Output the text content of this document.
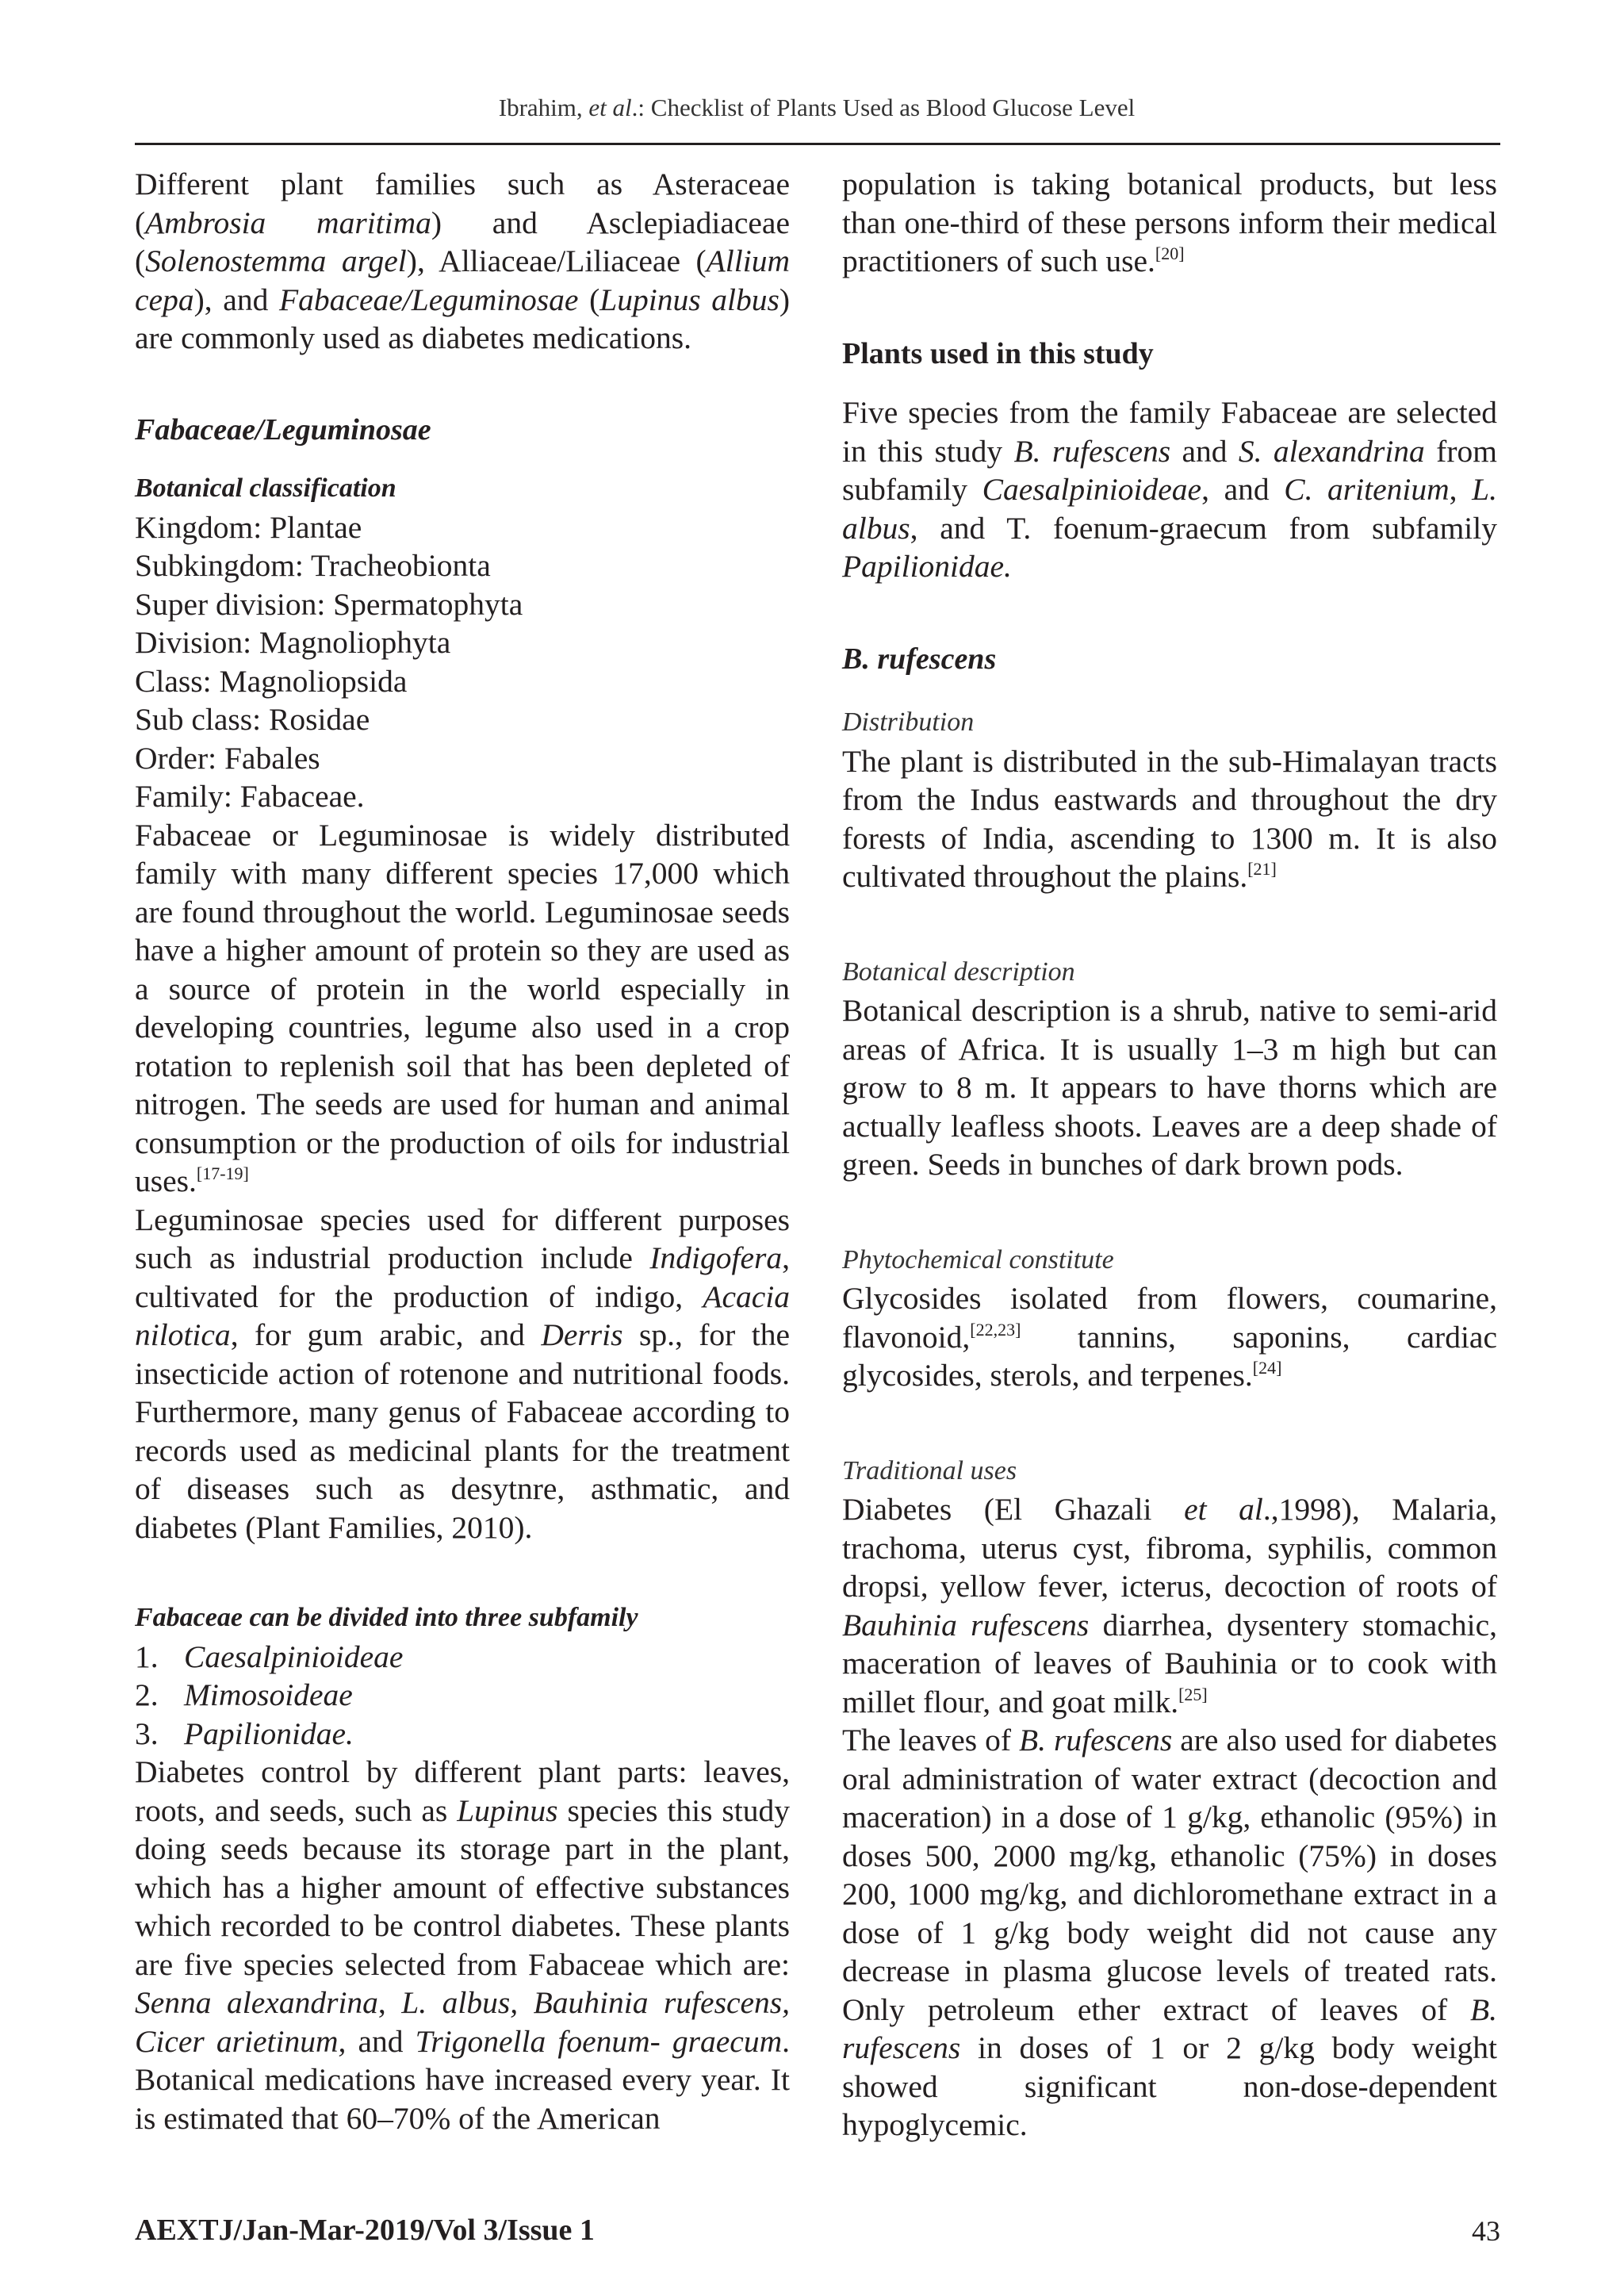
Ibrahim, et al.: Checklist of Plants Used as Blood Glucose Level

Different plant families such as Asteraceae (Ambrosia maritima) and Asclepiadiaceae (Solenostemma argel), Alliaceae/Liliaceae (Allium cepa), and Fabaceae/Leguminosae (Lupinus albus) are commonly used as diabetes medications.

Fabaceae/Leguminosae

Botanical classification

Kingdom: Plantae

Subkingdom: Tracheobionta

Super division: Spermatophyta

Division: Magnoliophyta

Class: Magnoliopsida

Sub class: Rosidae

Order: Fabales

Family: Fabaceae.

Fabaceae or Leguminosae is widely distributed family with many different species 17,000 which are found throughout the world. Leguminosae seeds have a higher amount of protein so they are used as a source of protein in the world especially in developing countries, legume also used in a crop rotation to replenish soil that has been depleted of nitrogen. The seeds are used for human and animal consumption or the production of oils for industrial uses.[17-19]

Leguminosae species used for different purposes such as industrial production include Indigofera, cultivated for the production of indigo, Acacia nilotica, for gum arabic, and Derris sp., for the insecticide action of rotenone and nutritional foods. Furthermore, many genus of Fabaceae according to records used as medicinal plants for the treatment of diseases such as desytnre, asthmatic, and diabetes (Plant Families, 2010).

Fabaceae can be divided into three subfamily

1. Caesalpinioideae

2. Mimosoideae

3. Papilionidae.

Diabetes control by different plant parts: leaves, roots, and seeds, such as Lupinus species this study doing seeds because its storage part in the plant, which has a higher amount of effective substances which recorded to be control diabetes. These plants are five species selected from Fabaceae which are: Senna alexandrina, L. albus, Bauhinia rufescens, Cicer arietinum, and Trigonella foenum- graecum. Botanical medications have increased every year. It is estimated that 60–70% of the American

population is taking botanical products, but less than one-third of these persons inform their medical practitioners of such use.[20]

Plants used in this study

Five species from the family Fabaceae are selected in this study B. rufescens and S. alexandrina from subfamily Caesalpinioideae, and C. aritenium, L. albus, and T. foenum-graecum from subfamily Papilionidae.

B. rufescens

Distribution

The plant is distributed in the sub-Himalayan tracts from the Indus eastwards and throughout the dry forests of India, ascending to 1300 m. It is also cultivated throughout the plains.[21]

Botanical description

Botanical description is a shrub, native to semi-arid areas of Africa. It is usually 1–3 m high but can grow to 8 m. It appears to have thorns which are actually leafless shoots. Leaves are a deep shade of green. Seeds in bunches of dark brown pods.

Phytochemical constitute

Glycosides isolated from flowers, coumarine, flavonoid,[22,23] tannins, saponins, cardiac glycosides, sterols, and terpenes.[24]

Traditional uses

Diabetes (El Ghazali et al.,1998), Malaria, trachoma, uterus cyst, fibroma, syphilis, common dropsi, yellow fever, icterus, decoction of roots of Bauhinia rufescens diarrhea, dysentery stomachic, maceration of leaves of Bauhinia or to cook with millet flour, and goat milk.[25]

The leaves of B. rufescens are also used for diabetes oral administration of water extract (decoction and maceration) in a dose of 1 g/kg, ethanolic (95%) in doses 500, 2000 mg/kg, ethanolic (75%) in doses 200, 1000 mg/kg, and dichloromethane extract in a dose of 1 g/kg body weight did not cause any decrease in plasma glucose levels of treated rats. Only petroleum ether extract of leaves of B. rufescens in doses of 1 or 2 g/kg body weight showed significant non-dose-dependent hypoglycemic.

AEXTJ/Jan-Mar-2019/Vol 3/Issue 1	43
